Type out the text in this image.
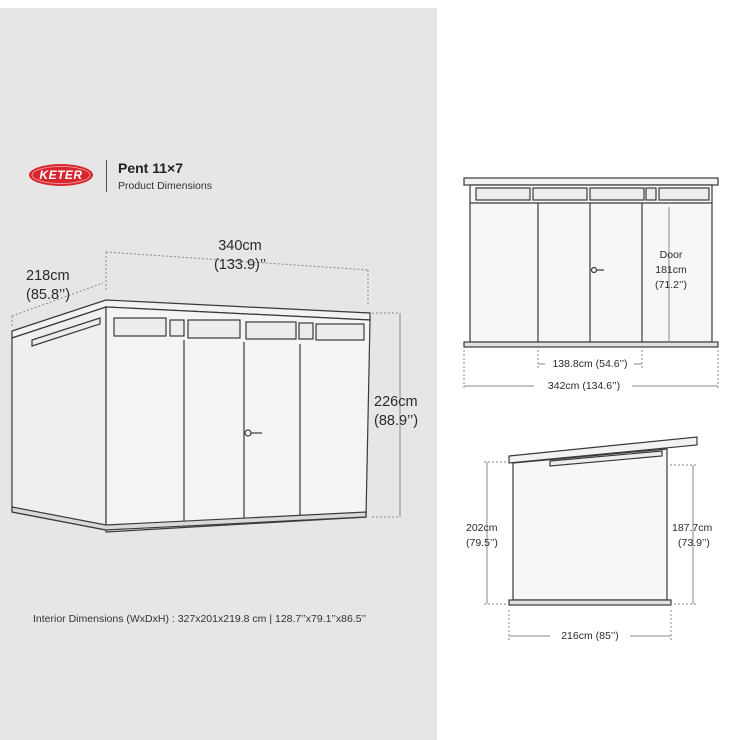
KETER	Pent 11×7
Product Dimensions
340cm
(133.9)’’
218cm
(85.8’’)
226cm
(88.9’’)
Door
181cm
(71.2’’)
138.8cm (54.6’’)
342cm (134.6’’)
202cm
(79.5’’)
187.7cm
(73.9’’)
216cm (85’’)
Interior Dimensions (WxDxH) : 327x201x219.8 cm | 128.7’’x79.1’’x86.5’’
